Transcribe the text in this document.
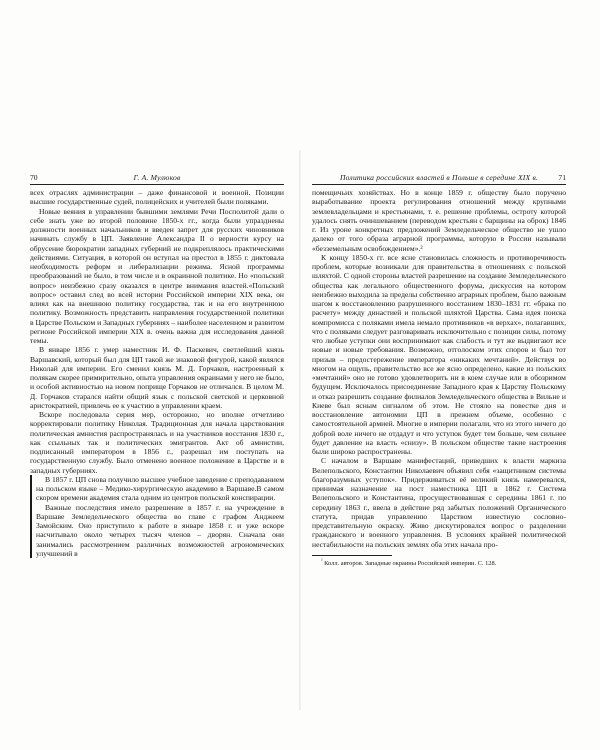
70	Г. А. Мулюков

всех отраслях администрации – даже финансовой и военной. Позиции высшие государственные судей, полицейских и учителей были поляками.

Новые веяния в управлении бывшими землями Речи Посполитой дали о себе знать уже во второй половине 1850-х гг., когда были упразднены должности военных начальников и введен запрет для русских чиновников начинать службу в ЦП. Заявление Александра II о верности курсу на обрусение бюрократии западных губерний не подкреплялось практическими действиями. Ситуация, в которой он вступал на престол в 1855 г. диктовала необходимость реформ и либерализации режима. Ясной программы преобразований не было, в том числе и в окраинной политике. Но «польский вопрос» неизбежно сразу оказался в центре внимания властей.«Польский вопрос» оставил след во всей истории Российской империи XIX века, он влиял как на внешнюю политику государства, так и на его внутреннюю политику. Возможность представить направления государственной политики в Царстве Польском и Западных губерниях – наиболее населенном и развитом регионе Российской империи XIX в. очень важна для исследования данной темы.

В январе 1856 г. умер наместник И. Ф. Паскевич, светлейший князь Варшавский, который был для ЦП такой же знаковой фигурой, какой являлся Николай для империи. Его сменил князь М. Д. Горчаков, настроенный к полякам скорее примирительно, опыта управления окраинами у него не было, и особой активностью на новом поприще Горчаков не отличался. В целом М. Д. Горчаков старался найти общий язык с польской светской и церковной аристократией, привлечь ее к участию в управлении краем.

Вскоре последовала серия мер, осторожно, но вполне отчетливо корректировали политику Николая. Традиционная для начала царствования политическая амнистия распространялась и на участников восстания 1830 г., как ссыльных так и политических эмигрантов. Акт об амнистии, подписанный императором в 1856 г., разрешал им поступать на государственную службу. Было отменено военное положение в Царстве и в западных губерниях.

В 1857 г. ЦП снова получило высшее учебное заведение с преподаванием на польском языке – Медико-хирургическую академию в Варшаве.В самом скором времени академия стала одним из центров польской конспирации.

Важные последствия имело разрешение в 1857 г. на учреждение в Варшаве Земледельческого общества во главе с графом Анджеем Замойским. Оно приступило к работе в январе 1858 г. и уже вскоре насчитывало около четырех тысяч членов – дворян. Сначала они занимались рассмотрением различных возможностей агрономических улучшений в

Политика российских властей в Польше в середине XIX в.	71

помещичьих хозяйствах. Но в конце 1859 г. обществу было поручено выработывание проекта регулирования отношений между крупными землевладельцами и крестьянами, т. е. решение проблемы, остроту которой удалось снять очиншеванием (переводом крестьян с барщины на оброк) 1846 г. Из уроне конкретных предложений Земледельческое общество не ушло далеко от того образа аграрной программы, которую в России называли «безземельным освобождением».²

К концу 1850-х гг. все ясне становилась сложность и противоречивость проблем, которые возникали для правительства в отношениях с польской шляхтой. С одной стороны властей разрешение на создание Земледельческого общества как легального общественного форума, дискуссия на котором неизбежно выходила за пределы собственно аграрных проблем, было важным шагом к восстановлению разрушенного восстанием 1830–1831 гг. «брака по расчету» между династией и польской шляхтой Царства. Сама идея поиска компромисса с поляками имела немало противников «в верхах», полагавших, что с поляками следует разговаривать исключительно с позиции силы, потому что любые уступки они воспринимают как слабость и тут же выдвигают все новые и новые требования. Возможно, отголоском этих споров и был тот призыв – предостережение императора «никаких мечтаний». Действуя во многом на ощупь, правительство все же ясно определено, какие из польских «мечтаний» оно не готово удовлетворить ни в коем случае или в обозримом будущем. Исключалось присоединение Западного края к Царству Польскому и отказ разрешить создание филиалов Земледельческого общества в Вильне и Киеве был ясным сигналом об этом. Не стояло на повестке дня и восстановление автономии ЦП в прежнем объеме, особенно с самостоятельной армией. Многие в империи полагали, что из этого ничего до доброй воле ничего не отдадут и что уступок будет тем больше, чем сильнее будет давление на власть «снизу». В польском обществе такие настроения были широко распространены.

С началом в Варшаве манифестаций, приведших к власти маркиза Велепольского, Константин Николаевич объявил себя «защитником системы благоразумных уступок». Придерживаться её великий князь намеревался, принимая назначение на пост наместника ЦП в 1862 г. Система Велепольского и Константина, просуществовавшая с середины 1861 г. по середину 1863 г., ввела в действие ряд забытых положений Органического статута, придав управлению Царством известную сословно-представительную окраску. Живо дискутировался вопрос о разделении гражданского и военного управления. В условиях крайней политической нестабильности на польских землях оба этих начала про-

$^{^2}$ Колл. авторов. Западные окраины Российской империи. С. 128.
